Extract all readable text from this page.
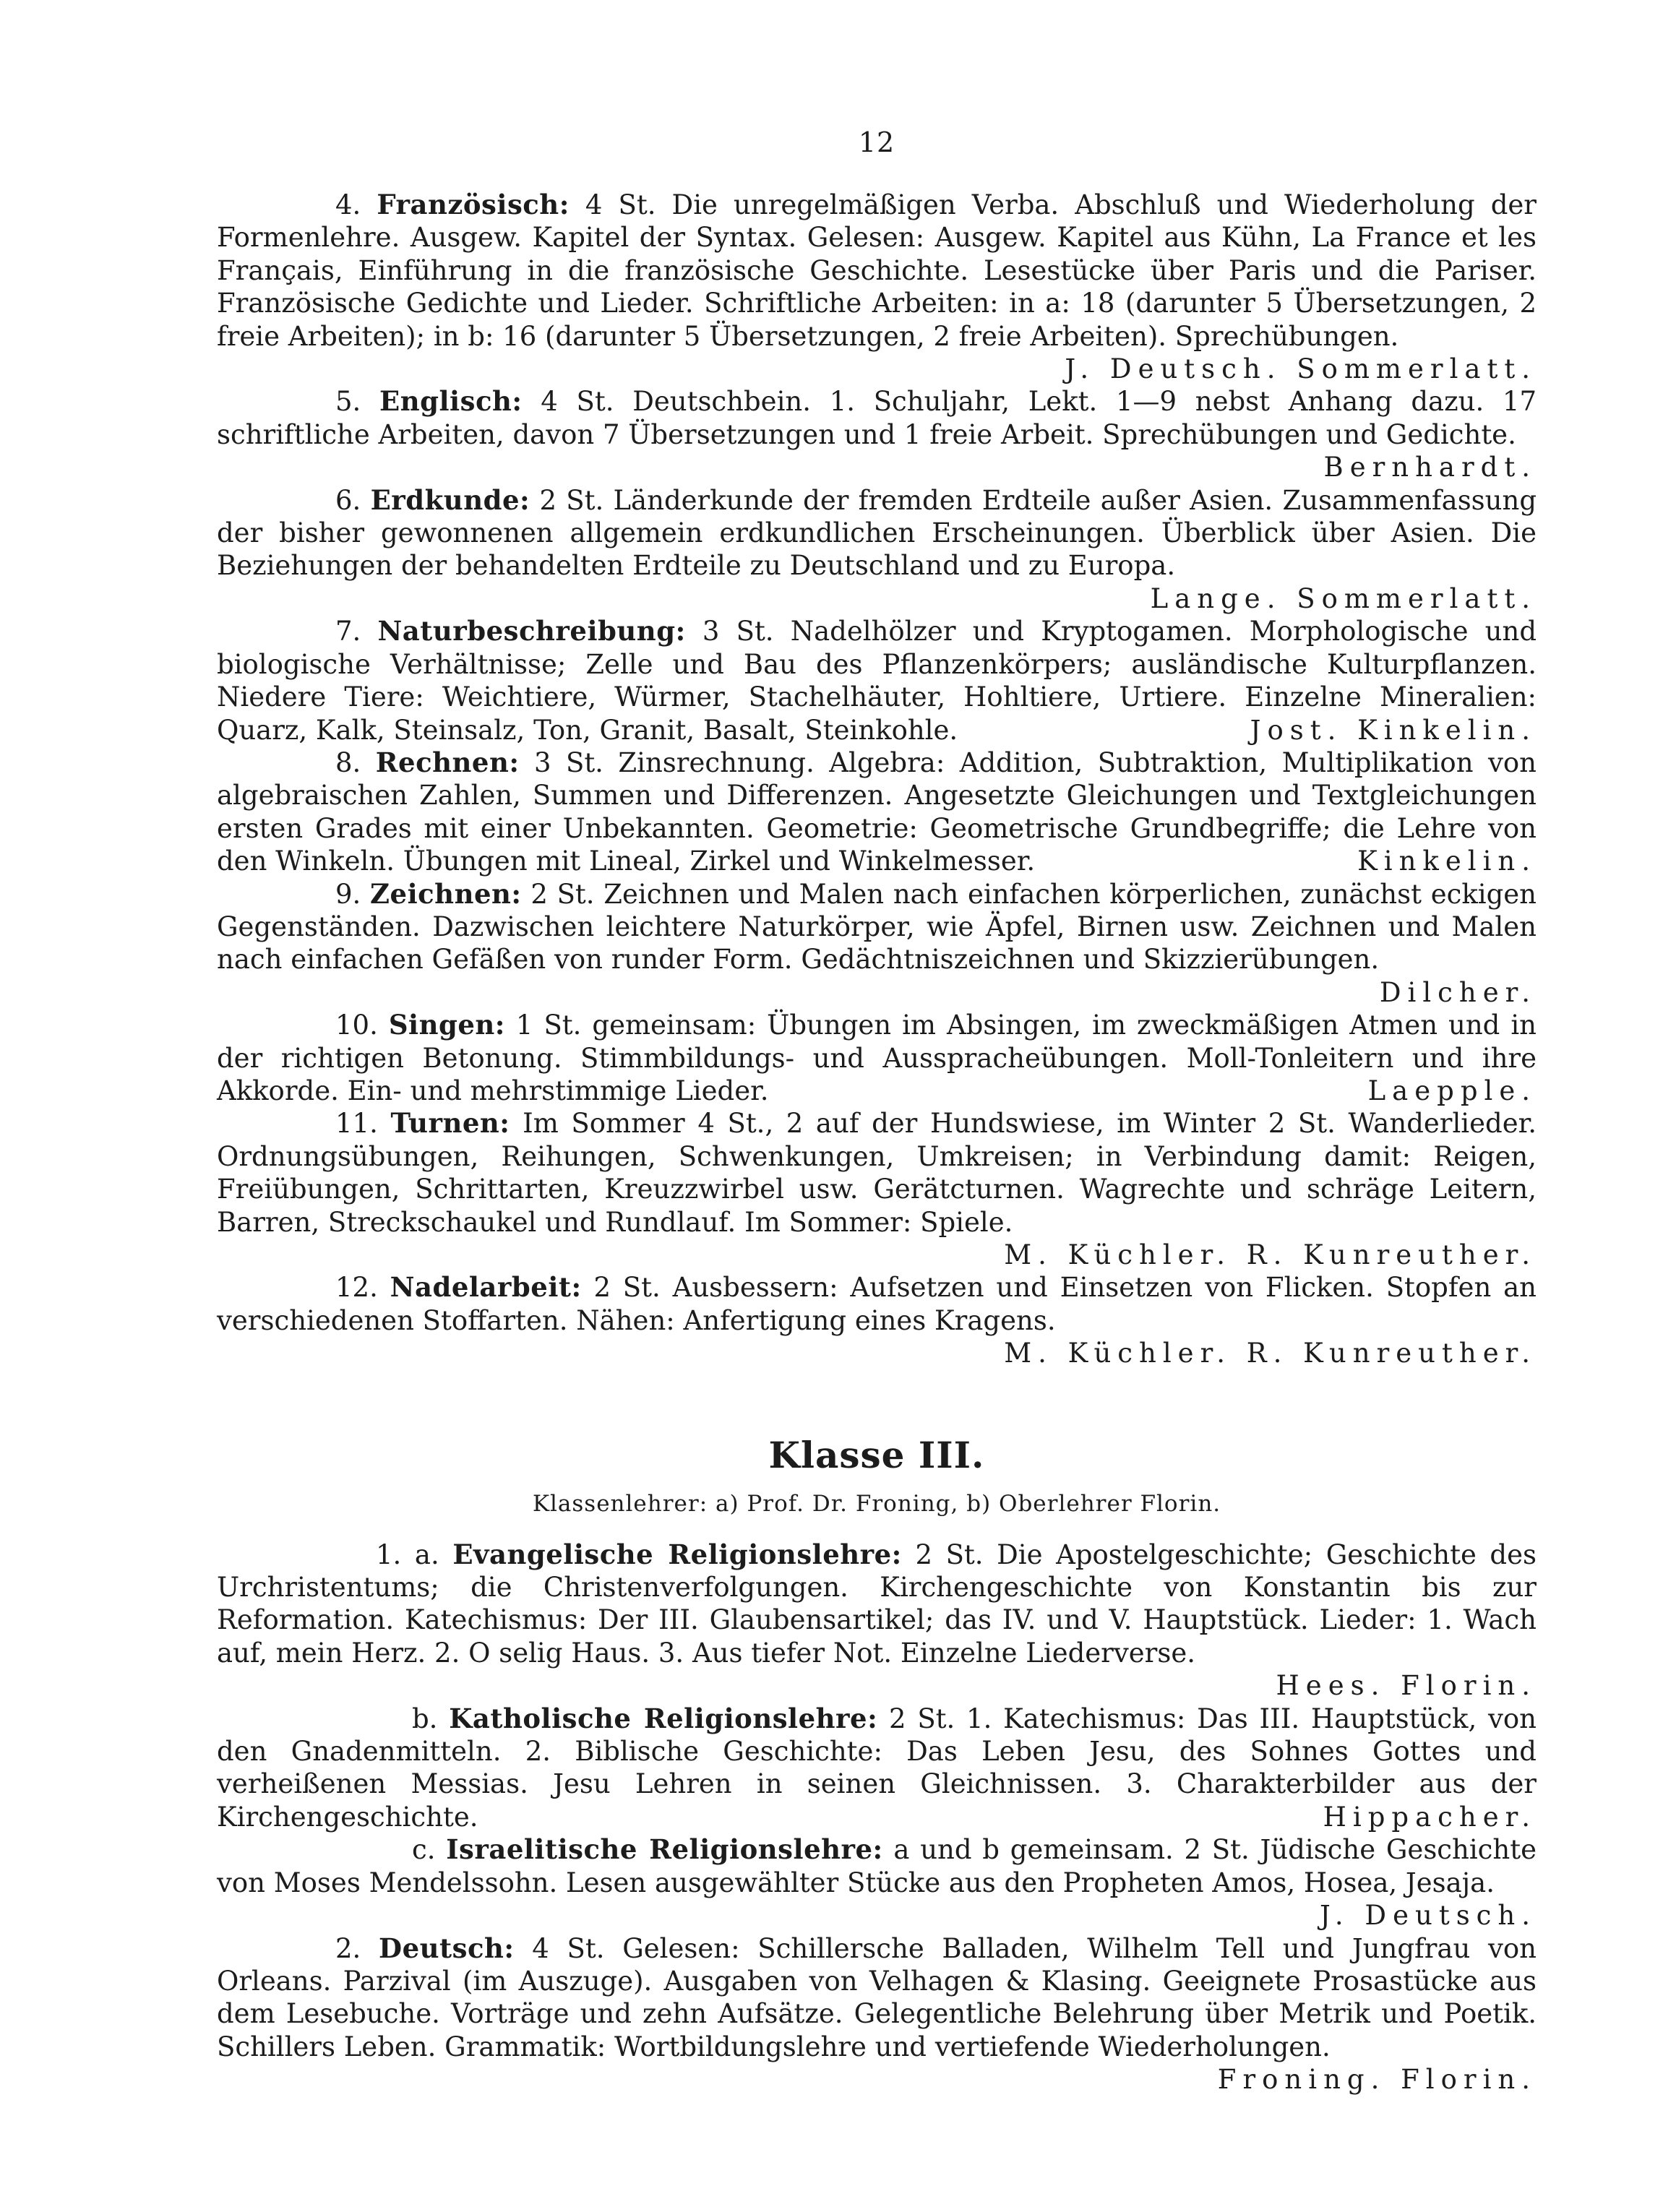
12

4. Französisch: 4 St. Die unregelmäßigen Verba. Abschluß und Wiederholung der Formenlehre. Ausgew. Kapitel der Syntax. Gelesen: Ausgew. Kapitel aus Kühn, La France et les Français, Einführung in die französische Geschichte. Lesestücke über Paris und die Pariser. Französische Gedichte und Lieder. Schriftliche Arbeiten: in a: 18 (darunter 5 Übersetzungen, 2 freie Arbeiten); in b: 16 (darunter 5 Übersetzungen, 2 freie Arbeiten). Sprechübungen.
J. Deutsch. Sommerlatt.

5. Englisch: 4 St. Deutschbein. 1. Schuljahr, Lekt. 1—9 nebst Anhang dazu. 17 schriftliche Arbeiten, davon 7 Übersetzungen und 1 freie Arbeit. Sprechübungen und Gedichte.
Bernhardt.

6. Erdkunde: 2 St. Länderkunde der fremden Erdteile außer Asien. Zusammenfassung der bisher gewonnenen allgemein erdkundlichen Erscheinungen. Überblick über Asien. Die Beziehungen der behandelten Erdteile zu Deutschland und zu Europa.
Lange. Sommerlatt.

7. Naturbeschreibung: 3 St. Nadelhölzer und Kryptogamen. Morphologische und biologische Verhältnisse; Zelle und Bau des Pflanzenkörpers; ausländische Kulturpflanzen. Niedere Tiere: Weichtiere, Würmer, Stachelhäuter, Hohltiere, Urtiere. Einzelne Mineralien: Quarz, Kalk, Steinsalz, Ton, Granit, Basalt, Steinkohle.	Jost. Kinkelin.

8. Rechnen: 3 St. Zinsrechnung. Algebra: Addition, Subtraktion, Multiplikation von algebraischen Zahlen, Summen und Differenzen. Angesetzte Gleichungen und Textgleichungen ersten Grades mit einer Unbekannten. Geometrie: Geometrische Grundbegriffe; die Lehre von den Winkeln. Übungen mit Lineal, Zirkel und Winkelmesser.	Kinkelin.

9. Zeichnen: 2 St. Zeichnen und Malen nach einfachen körperlichen, zunächst eckigen Gegenständen. Dazwischen leichtere Naturkörper, wie Äpfel, Birnen usw. Zeichnen und Malen nach einfachen Gefäßen von runder Form. Gedächtniszeichnen und Skizzierübungen.
Dilcher.

10. Singen: 1 St. gemeinsam: Übungen im Absingen, im zweckmäßigen Atmen und in der richtigen Betonung. Stimmbildungs- und Ausspracheübungen. Moll-Tonleitern und ihre Akkorde. Ein- und mehrstimmige Lieder.	Laepple.

11. Turnen: Im Sommer 4 St., 2 auf der Hundswiese, im Winter 2 St. Wanderlieder. Ordnungsübungen, Reihungen, Schwenkungen, Umkreisen; in Verbindung damit: Reigen, Freiübungen, Schrittarten, Kreuzzwirbel usw. Gerätcturnen. Wagrechte und schräge Leitern, Barren, Streckschaukel und Rundlauf. Im Sommer: Spiele.
M. Küchler. R. Kunreuther.

12. Nadelarbeit: 2 St. Ausbessern: Aufsetzen und Einsetzen von Flicken. Stopfen an verschiedenen Stoffarten. Nähen: Anfertigung eines Kragens.
M. Küchler. R. Kunreuther.

Klasse III.
Klassenlehrer: a) Prof. Dr. Froning, b) Oberlehrer Florin.

1. a. Evangelische Religionslehre: 2 St. Die Apostelgeschichte; Geschichte des Urchristentums; die Christenverfolgungen. Kirchengeschichte von Konstantin bis zur Reformation. Katechismus: Der III. Glaubensartikel; das IV. und V. Hauptstück. Lieder: 1. Wach auf, mein Herz. 2. O selig Haus. 3. Aus tiefer Not. Einzelne Liederverse.
Hees. Florin.

b. Katholische Religionslehre: 2 St. 1. Katechismus: Das III. Hauptstück, von den Gnadenmitteln. 2. Biblische Geschichte: Das Leben Jesu, des Sohnes Gottes und verheißenen Messias. Jesu Lehren in seinen Gleichnissen. 3. Charakterbilder aus der Kirchengeschichte.	Hippacher.

c. Israelitische Religionslehre: a und b gemeinsam. 2 St. Jüdische Geschichte von Moses Mendelssohn. Lesen ausgewählter Stücke aus den Propheten Amos, Hosea, Jesaja.
J. Deutsch.

2. Deutsch: 4 St. Gelesen: Schillersche Balladen, Wilhelm Tell und Jungfrau von Orleans. Parzival (im Auszuge). Ausgaben von Velhagen & Klasing. Geeignete Prosastücke aus dem Lesebuche. Vorträge und zehn Aufsätze. Gelegentliche Belehrung über Metrik und Poetik. Schillers Leben. Grammatik: Wortbildungslehre und vertiefende Wiederholungen.
Froning. Florin.
